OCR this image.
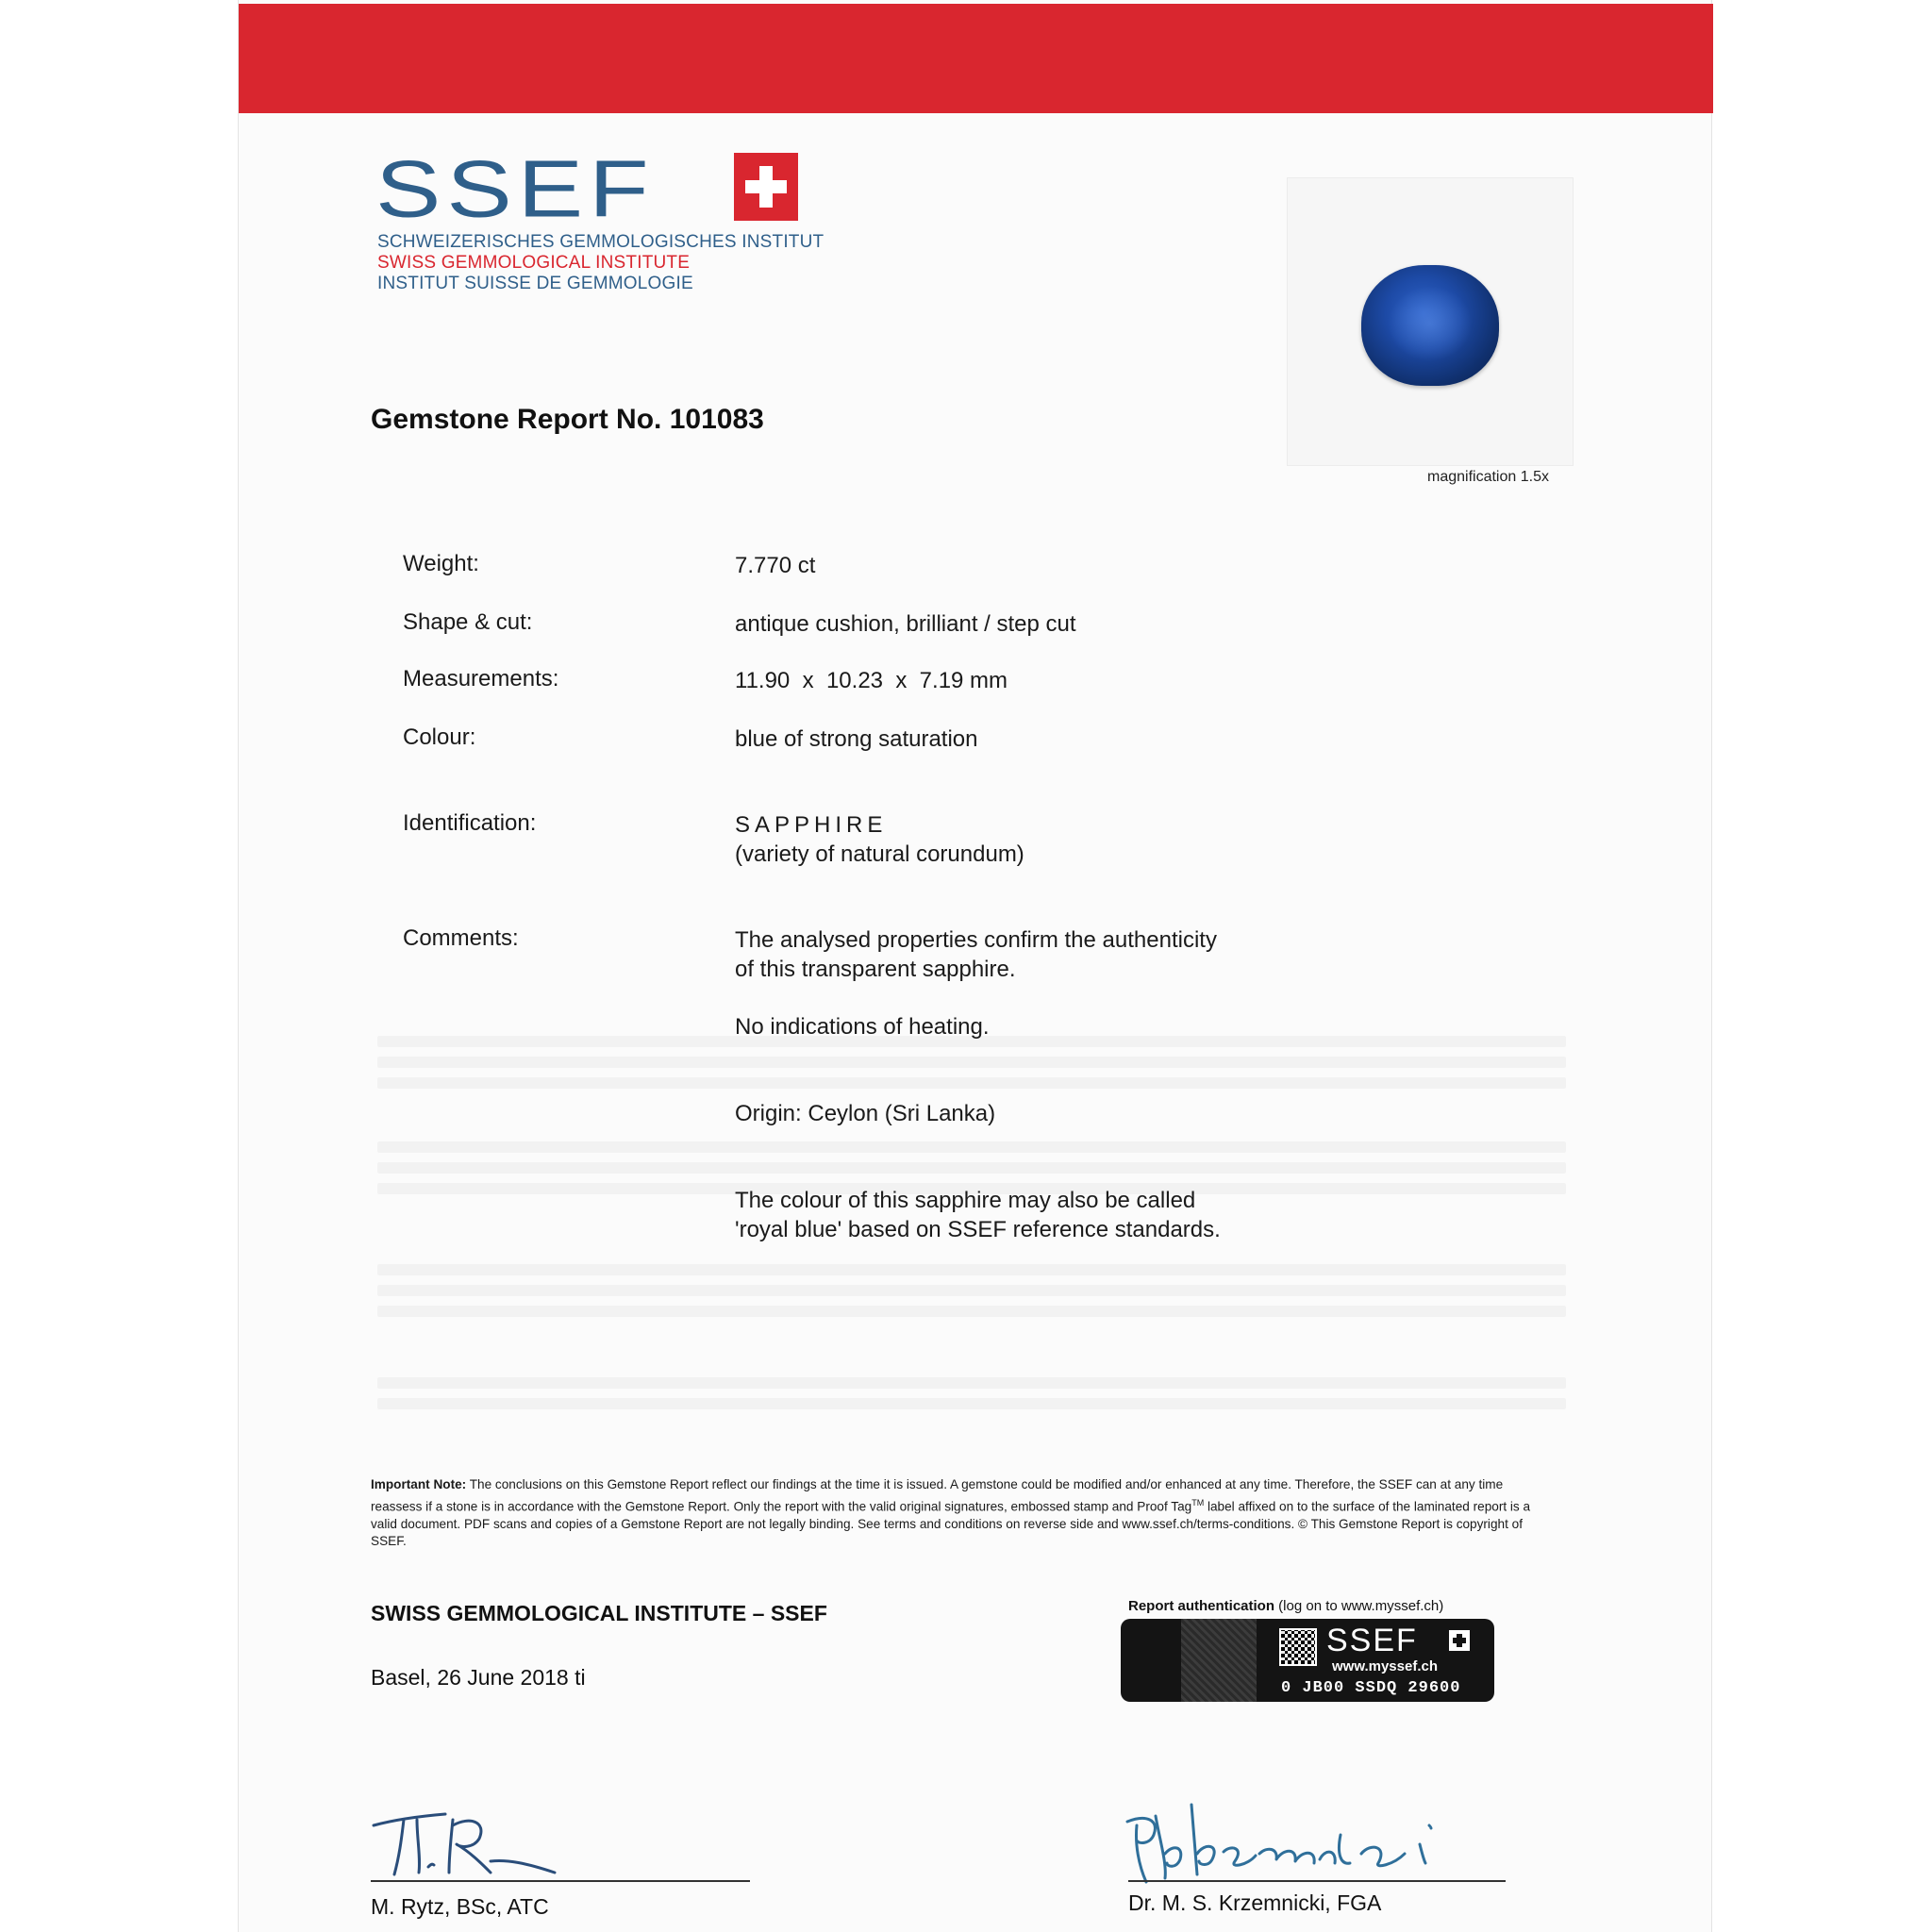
SSEF
SCHWEIZERISCHES GEMMOLOGISCHES INSTITUT
SWISS GEMMOLOGICAL INSTITUTE
INSTITUT SUISSE DE GEMMOLOGIE
Gemstone Report No. 101083
magnification 1.5x
Weight:	7.770 ct
Shape & cut:	antique cushion, brilliant / step cut
Measurements:	11.90  x  10.23  x  7.19 mm
Colour:	blue of strong saturation
Identification:	SAPPHIRE
(variety of natural corundum)
Comments:	The analysed properties confirm the authenticity
of this transparent sapphire.
No indications of heating.
Origin: Ceylon (Sri Lanka)
The colour of this sapphire may also be called
'royal blue' based on SSEF reference standards.
Important Note: The conclusions on this Gemstone Report reflect our findings at the time it is issued. A gemstone could be modified and/or enhanced at any time. Therefore, the SSEF can at any time reassess if a stone is in accordance with the Gemstone Report. Only the report with the valid original signatures, embossed stamp and Proof Tag™ label affixed on to the surface of the laminated report is a valid document. PDF scans and copies of a Gemstone Report are not legally binding. See terms and conditions on reverse side and www.ssef.ch/terms-conditions. © This Gemstone Report is copyright of SSEF.
SWISS GEMMOLOGICAL INSTITUTE – SSEF
Basel, 26 June 2018 ti
Report authentication (log on to www.myssef.ch)
SSEF
www.myssef.ch
0 JB00 SSDQ 29600
M. Rytz, BSc, ATC	Dr. M. S. Krzemnicki, FGA
